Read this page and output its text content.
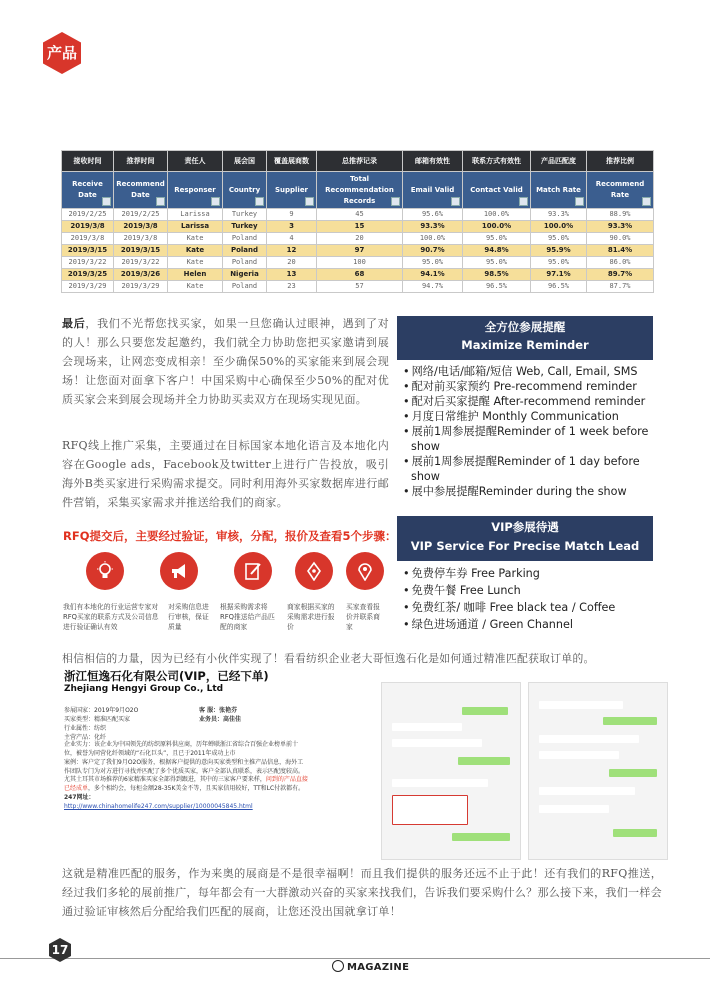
产品
接收时间	推荐时间	责任人	展会国	覆盖展商数	总推荐记录	邮箱有效性	联系方式有效性	产品匹配度	推荐比例
Receive Date	Recommend Date	Responser	Country	Supplier	Total Recommendation Records	Email Valid	Contact Valid	Match Rate	Recommend Rate

2019/2/25	2019/2/25	Larissa	Turkey	9	45	95.6%	100.0%	93.3%	88.9%
2019/3/8	2019/3/8	Larissa	Turkey	3	15	93.3%	100.0%	100.0%	93.3%
2019/3/8	2019/3/8	Kate	Poland	4	20	100.0%	95.0%	95.0%	90.0%
2019/3/15	2019/3/15	Kate	Poland	12	97	90.7%	94.8%	95.9%	81.4%
2019/3/22	2019/3/22	Kate	Poland	20	100	95.0%	95.0%	95.0%	86.0%
2019/3/25	2019/3/26	Helen	Nigeria	13	68	94.1%	98.5%	97.1%	89.7%
2019/3/29	2019/3/29	Kate	Poland	23	57	94.7%	96.5%	96.5%	87.7%
最后，我们不光帮您找买家，如果一旦您确认过眼神，遇到了对的人！那么只要您发起邀约，我们就全力协助您把买家邀请到展会现场来，让网恋变成相亲！至少确保50%的买家能来到展会现场！让您面对面拿下客户！中国采购中心确保至少50%的配对优质买家会来到展会现场并全力协助买卖双方在现场实现见面。
RFQ线上推广采集，主要通过在目标国家本地化语言及本地化内容在Google ads，Facebook及twitter上进行广告投放，吸引海外B类买家进行采购需求提交。同时利用海外买家数据库进行邮件营销，采集买家需求并推送给我们的商家。
全方位参展提醒
Maximize Reminder
• 网络/电话/邮箱/短信 Web, Call, Email, SMS
• 配对前买家预约 Pre-recommend reminder
• 配对后买家提醒 After-recommend reminder
• 月度日常维护 Monthly Communication
• 展前1周参展提醒Reminder of 1 week before show
• 展前1周参展提醒Reminder of 1 day before show
• 展中参展提醒Reminder during the show
VIP参展待遇
VIP Service For Precise Match Lead
• 免费停车券 Free Parking
• 免费午餐 Free Lunch
• 免费红茶/ 咖啡 Free black tea / Coffee
• 绿色进场通道 / Green Channel
RFQ提交后，主要经过验证，审核，分配，报价及查看5个步骤：
我们有本地化的行业运营专家对RFQ买家的联系方式及公司信息进行验证确认有效
对采购信息进行审核，保证质量
根据采购需求将RFQ推送给产品匹配的商家
商家根据买家的采购需求进行报价
买家查看报价并联系商家
相信相信的力量，因为已经有小伙伴实现了！看看纺织企业老大哥恒逸石化是如何通过精准匹配获取订单的。
浙江恒逸石化有限公司(VIP，已经下单)
Zhejiang Hengyi Group Co., Ltd
参展国家：2019年9月O2O	客 服：张艳芬
买家类型：精准匹配买家	业务员：高佳佳
行业属性：纺织
主营产品：化纤
企业实力：该企业为中国领先的纺织原料供应商，历年蝉联浙江省综合百强企业榜单前十位，被誉为同营化纤领域的“石化巨头”，且已于2011年成功上市
案例：客户定了我们9月O2O服务，根据客户提供的意向买家类型和主推产品信息，海外工作团队专门为对方进行寻找并匹配了多个优质买家，客户全部认真联系，表示匹配度较高。尤其土耳其市场推荐的6家精准买家全部得到跟进，其中的三家客户要来样，问到的产品直接已经成单，多个相约会，每柜金额28-35K美金不等，且买家信用较好，TT和LC付款都有。
247网址：
http://www.chinahomelife247.com/supplier/10000045845.html
这就是精准匹配的服务，作为来奥的展商是不是很幸福啊！而且我们提供的服务还远不止于此！还有我们的RFQ推送，经过我们多轮的展前推广，每年都会有一大群激动兴奋的买家来找我们，告诉我们要采购什么？那么接下来，我们一样会通过验证审核然后分配给我们匹配的展商，让您还没出国就拿订单！
17
MAGAZINE
